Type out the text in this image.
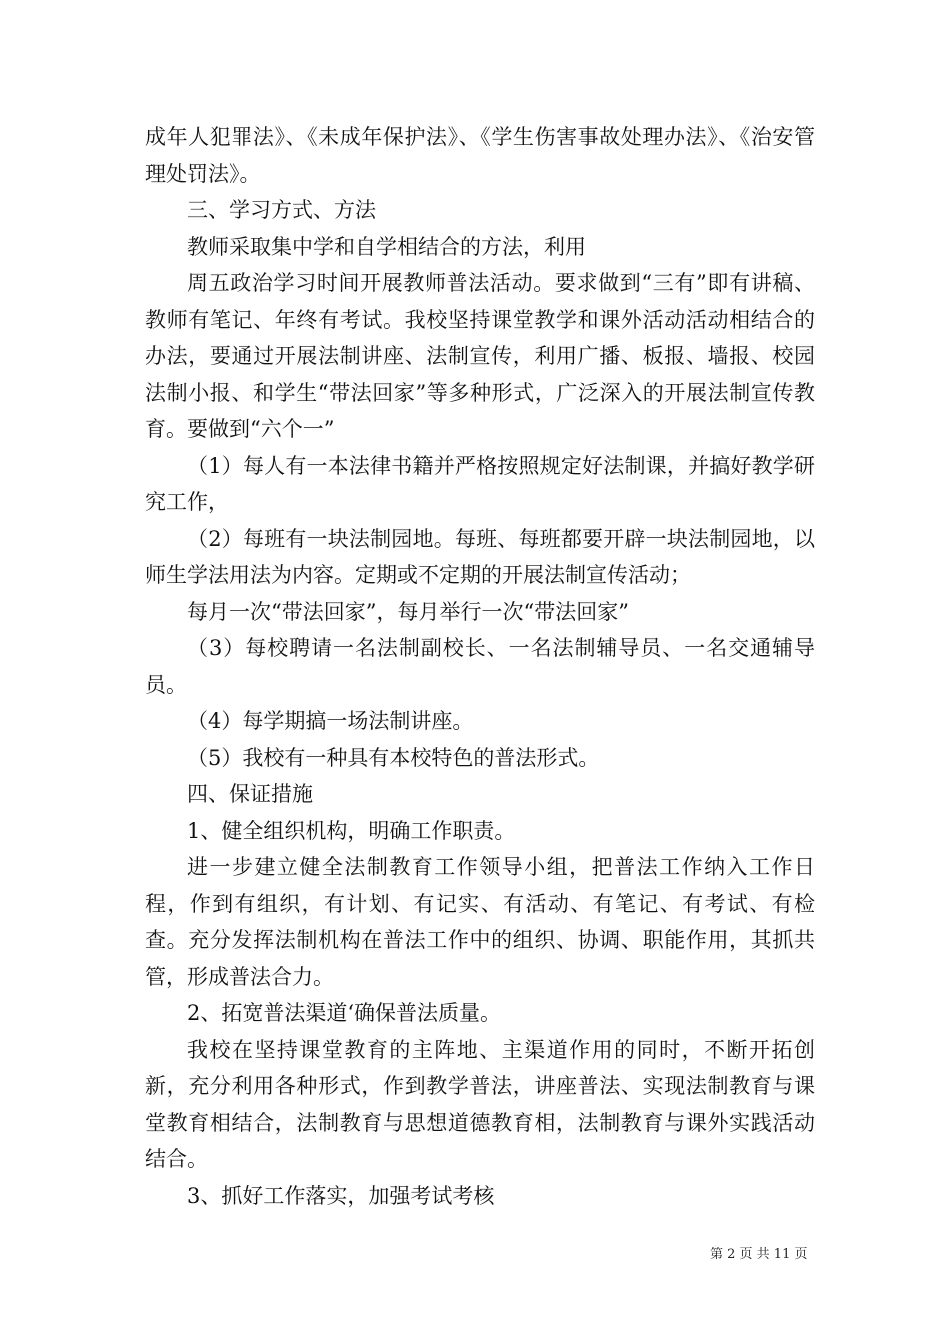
成年人犯罪法》、《未成年保护法》、《学生伤害事故处理办法》、《治安管理处罚法》。

三、学习方式、方法

教师采取集中学和自学相结合的方法，利用

周五政治学习时间开展教师普法活动。要求做到“三有”即有讲稿、教师有笔记、年终有考试。我校坚持课堂教学和课外活动活动相结合的办法，要通过开展法制讲座、法制宣传，利用广播、板报、墙报、校园法制小报、和学生“带法回家”等多种形式，广泛深入的开展法制宣传教育。要做到“六个一”

（1）每人有一本法律书籍并严格按照规定好法制课，并搞好教学研究工作，

（2）每班有一块法制园地。每班、每班都要开辟一块法制园地，以师生学法用法为内容。定期或不定期的开展法制宣传活动；

每月一次“带法回家”，每月举行一次“带法回家”

（3）每校聘请一名法制副校长、一名法制辅导员、一名交通辅导员。

（4）每学期搞一场法制讲座。

（5）我校有一种具有本校特色的普法形式。

四、保证措施

1、健全组织机构，明确工作职责。

进一步建立健全法制教育工作领导小组，把普法工作纳入工作日程，作到有组织，有计划、有记实、有活动、有笔记、有考试、有检查。充分发挥法制机构在普法工作中的组织、协调、职能作用，其抓共管，形成普法合力。

2、拓宽普法渠道‘确保普法质量。

我校在坚持课堂教育的主阵地、主渠道作用的同时，不断开拓创新，充分利用各种形式，作到教学普法，讲座普法、实现法制教育与课堂教育相结合，法制教育与思想道德教育相，法制教育与课外实践活动结合。

3、抓好工作落实，加强考试考核

第 2 页 共 11 页
